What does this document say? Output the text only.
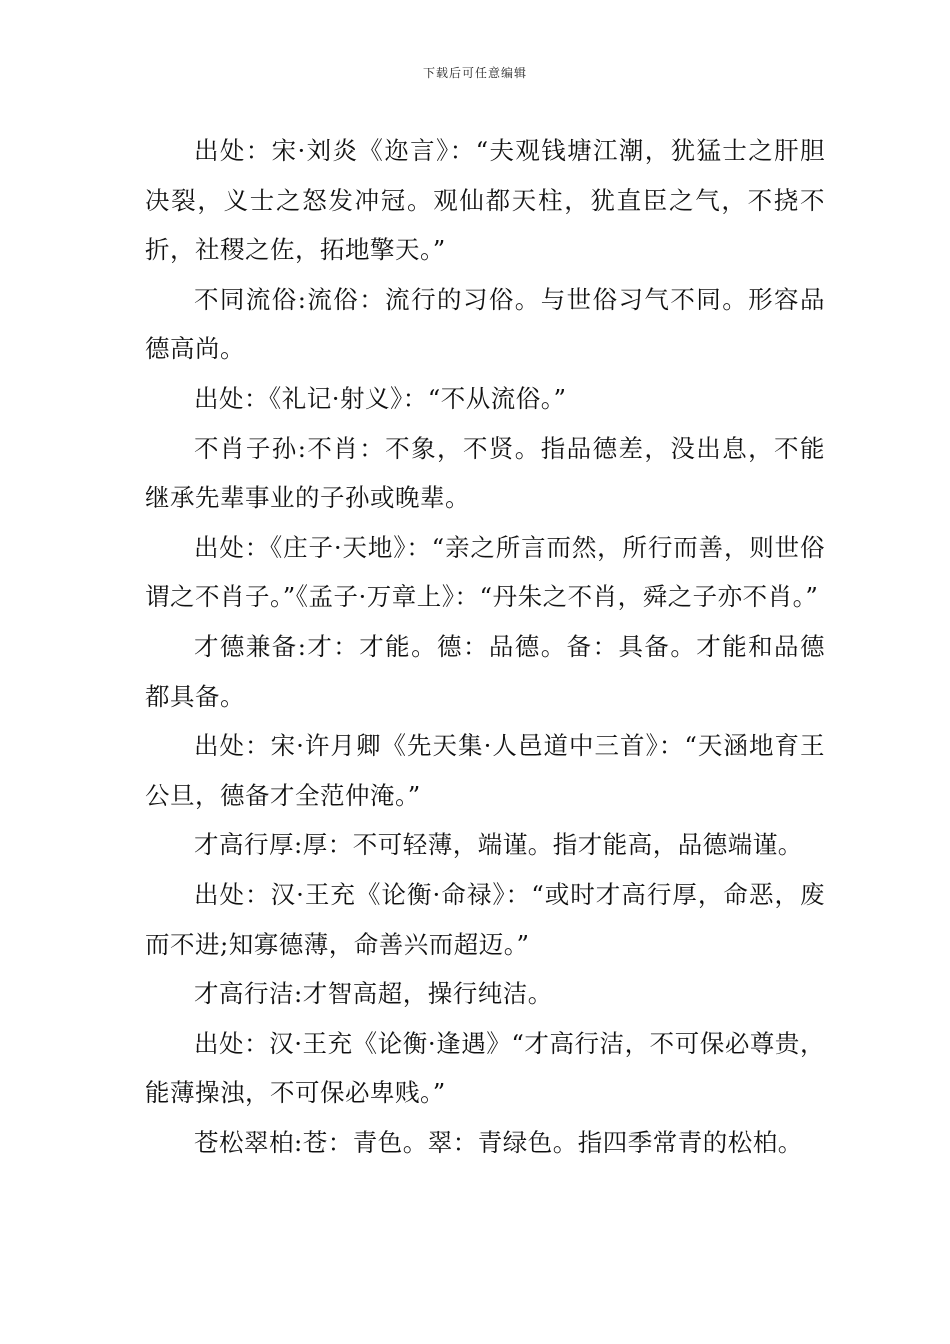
下载后可任意编辑

出处：宋·刘炎《迩言》：“夫观钱塘江潮，犹猛士之肝胆决裂，义士之怒发冲冠。观仙都天柱，犹直臣之气，不挠不折，社稷之佐，拓地擎天。”

不同流俗:流俗：流行的习俗。与世俗习气不同。形容品德高尚。

出处：《礼记·射义》：“不从流俗。”

不肖子孙:不肖：不象，不贤。指品德差，没出息，不能继承先辈事业的子孙或晚辈。

出处：《庄子·天地》：“亲之所言而然，所行而善，则世俗谓之不肖子。”《孟子·万章上》：“丹朱之不肖，舜之子亦不肖。”

才德兼备:才：才能。德：品德。备：具备。才能和品德都具备。

出处：宋·许月卿《先天集·人邑道中三首》：“天涵地育王公旦，德备才全范仲淹。”

才高行厚:厚：不可轻薄，端谨。指才能高，品德端谨。

出处：汉·王充《论衡·命禄》：“或时才高行厚，命恶，废而不进;知寡德薄，命善兴而超迈。”

才高行洁:才智高超，操行纯洁。

出处：汉·王充《论衡·逢遇》“才高行洁，不可保必尊贵，能薄操浊，不可保必卑贱。”

苍松翠柏:苍：青色。翠：青绿色。指四季常青的松柏。
